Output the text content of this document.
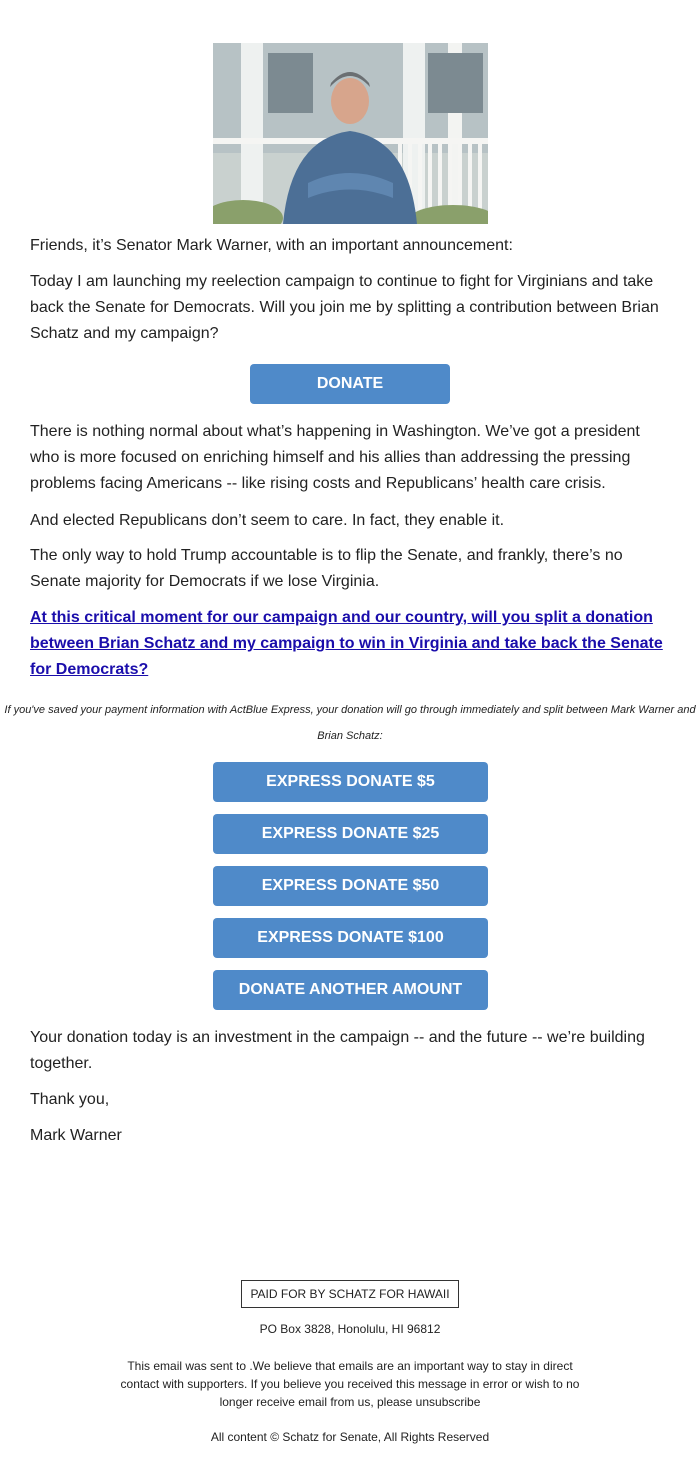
Friends, it’s Senator Mark Warner, with an important announcement:

Today I am launching my reelection campaign to continue to fight for Virginians and take back the Senate for Democrats. Will you join me by splitting a contribution between Brian Schatz and my campaign?

There is nothing normal about what’s happening in Washington. We’ve got a president who is more focused on enriching himself and his allies than addressing the pressing problems facing Americans -- like rising costs and Republicans’ health care crisis.

And elected Republicans don’t seem to care. In fact, they enable it.

The only way to hold Trump accountable is to flip the Senate, and frankly, there’s no Senate majority for Democrats if we lose Virginia.

At this critical moment for our campaign and our country, will you split a donation between Brian Schatz and my campaign to win in Virginia and take back the Senate for Democrats?

Your donation today is an investment in the campaign -- and the future -- we’re building together.

Thank you,

Mark Warner

DONATE
If you've saved your payment information with ActBlue Express, your donation will go through immediately and split between Mark Warner and Brian Schatz:
EXPRESS DONATE $5
EXPRESS DONATE $25
EXPRESS DONATE $50
EXPRESS DONATE $100
DONATE ANOTHER AMOUNT
PAID FOR BY SCHATZ FOR HAWAII
PO Box 3828, Honolulu, HI 96812
This email was sent to .We believe that emails are an important way to stay in direct contact with supporters. If you believe you received this message in error or wish to no longer receive email from us, please unsubscribe
All content © Schatz for Senate, All Rights Reserved
